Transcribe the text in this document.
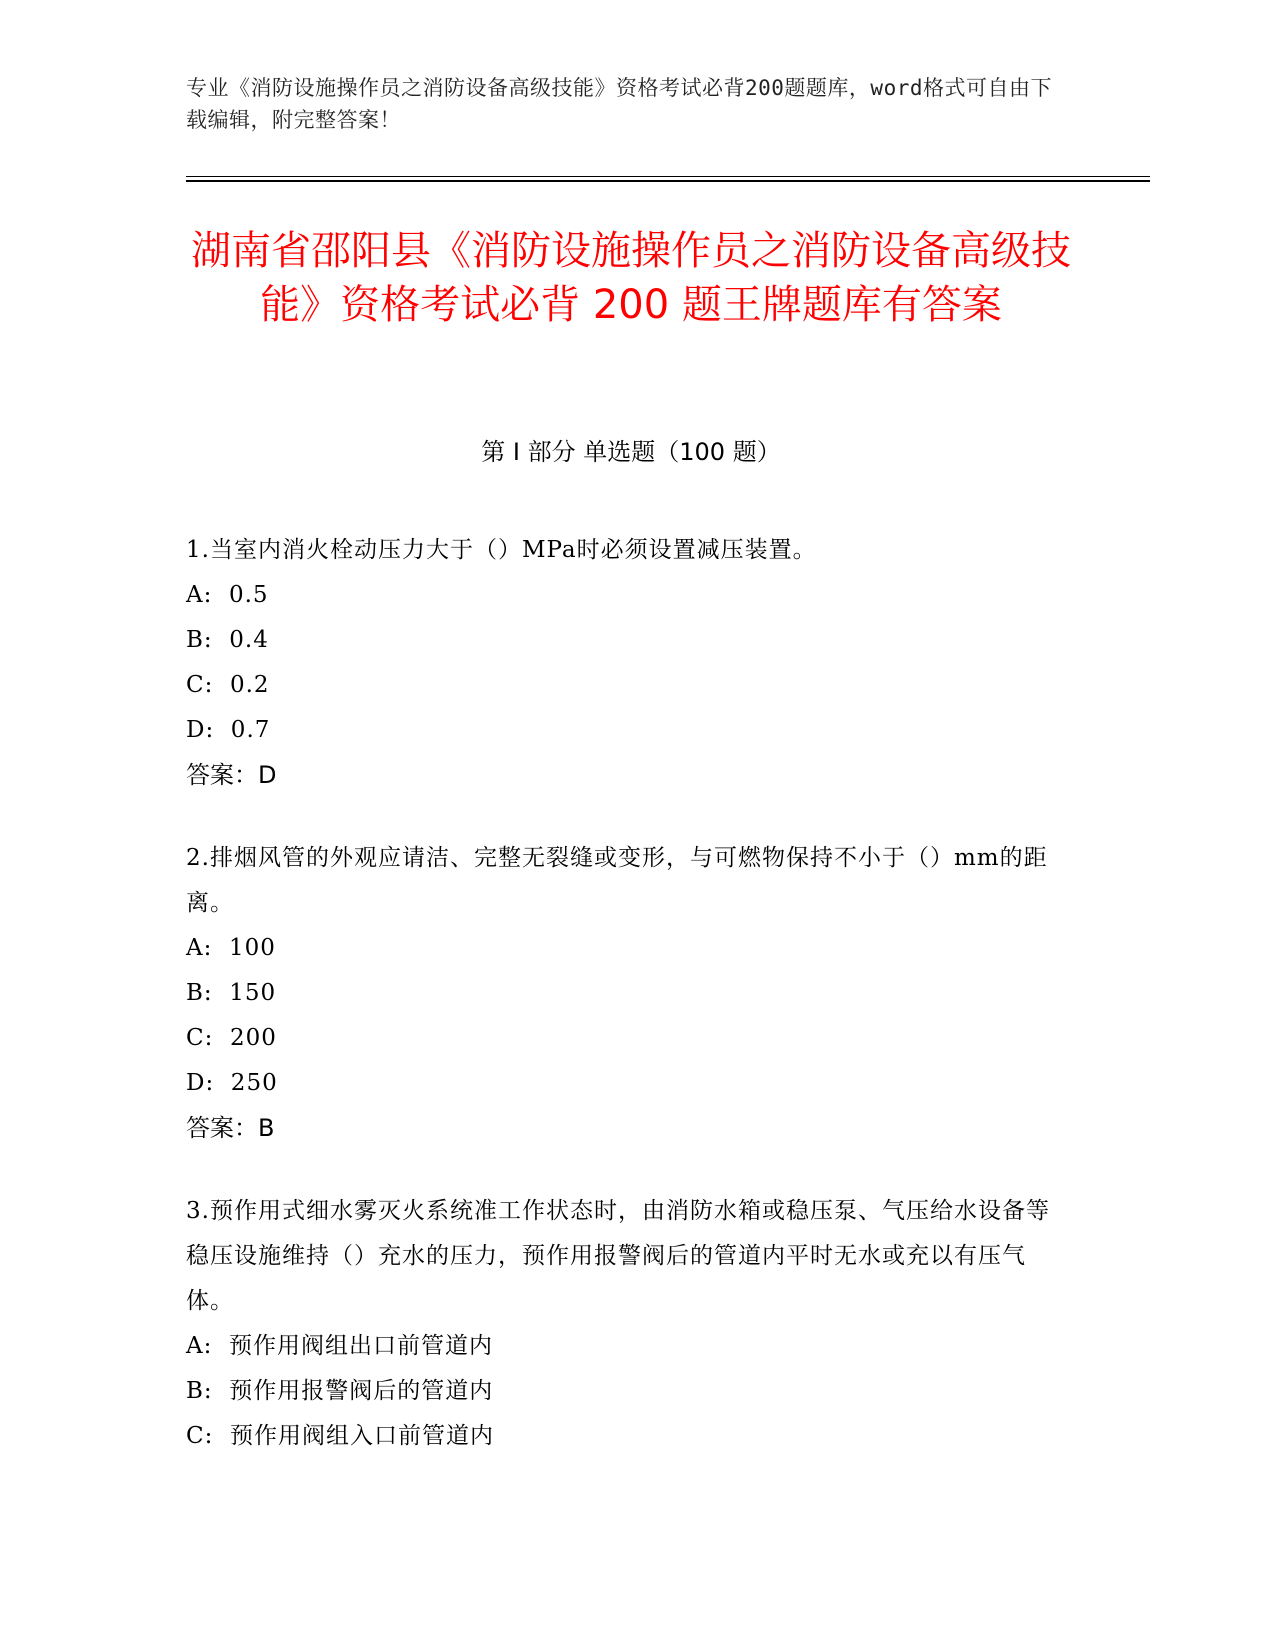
专业《消防设施操作员之消防设备高级技能》资格考试必背200题题库，word格式可自由下载编辑，附完整答案！
湖南省邵阳县《消防设施操作员之消防设备高级技能》资格考试必背 200 题王牌题库有答案
第 I 部分 单选题（100 题）

1.当室内消火栓动压力大于（）MPa时必须设置减压装置。

A:  0.5

B:  0.4

C:  0.2

D:  0.7

答案：D

2.排烟风管的外观应请洁、完整无裂缝或变形，与可燃物保持不小于（）mm的距离。

A:  100

B:  150

C:  200

D:  250

答案：B

3.预作用式细水雾灭火系统准工作状态时，由消防水箱或稳压泵、气压给水设备等稳压设施维持（）充水的压力，预作用报警阀后的管道内平时无水或充以有压气体。

A:  预作用阀组出口前管道内

B:  预作用报警阀后的管道内

C:  预作用阀组入口前管道内
